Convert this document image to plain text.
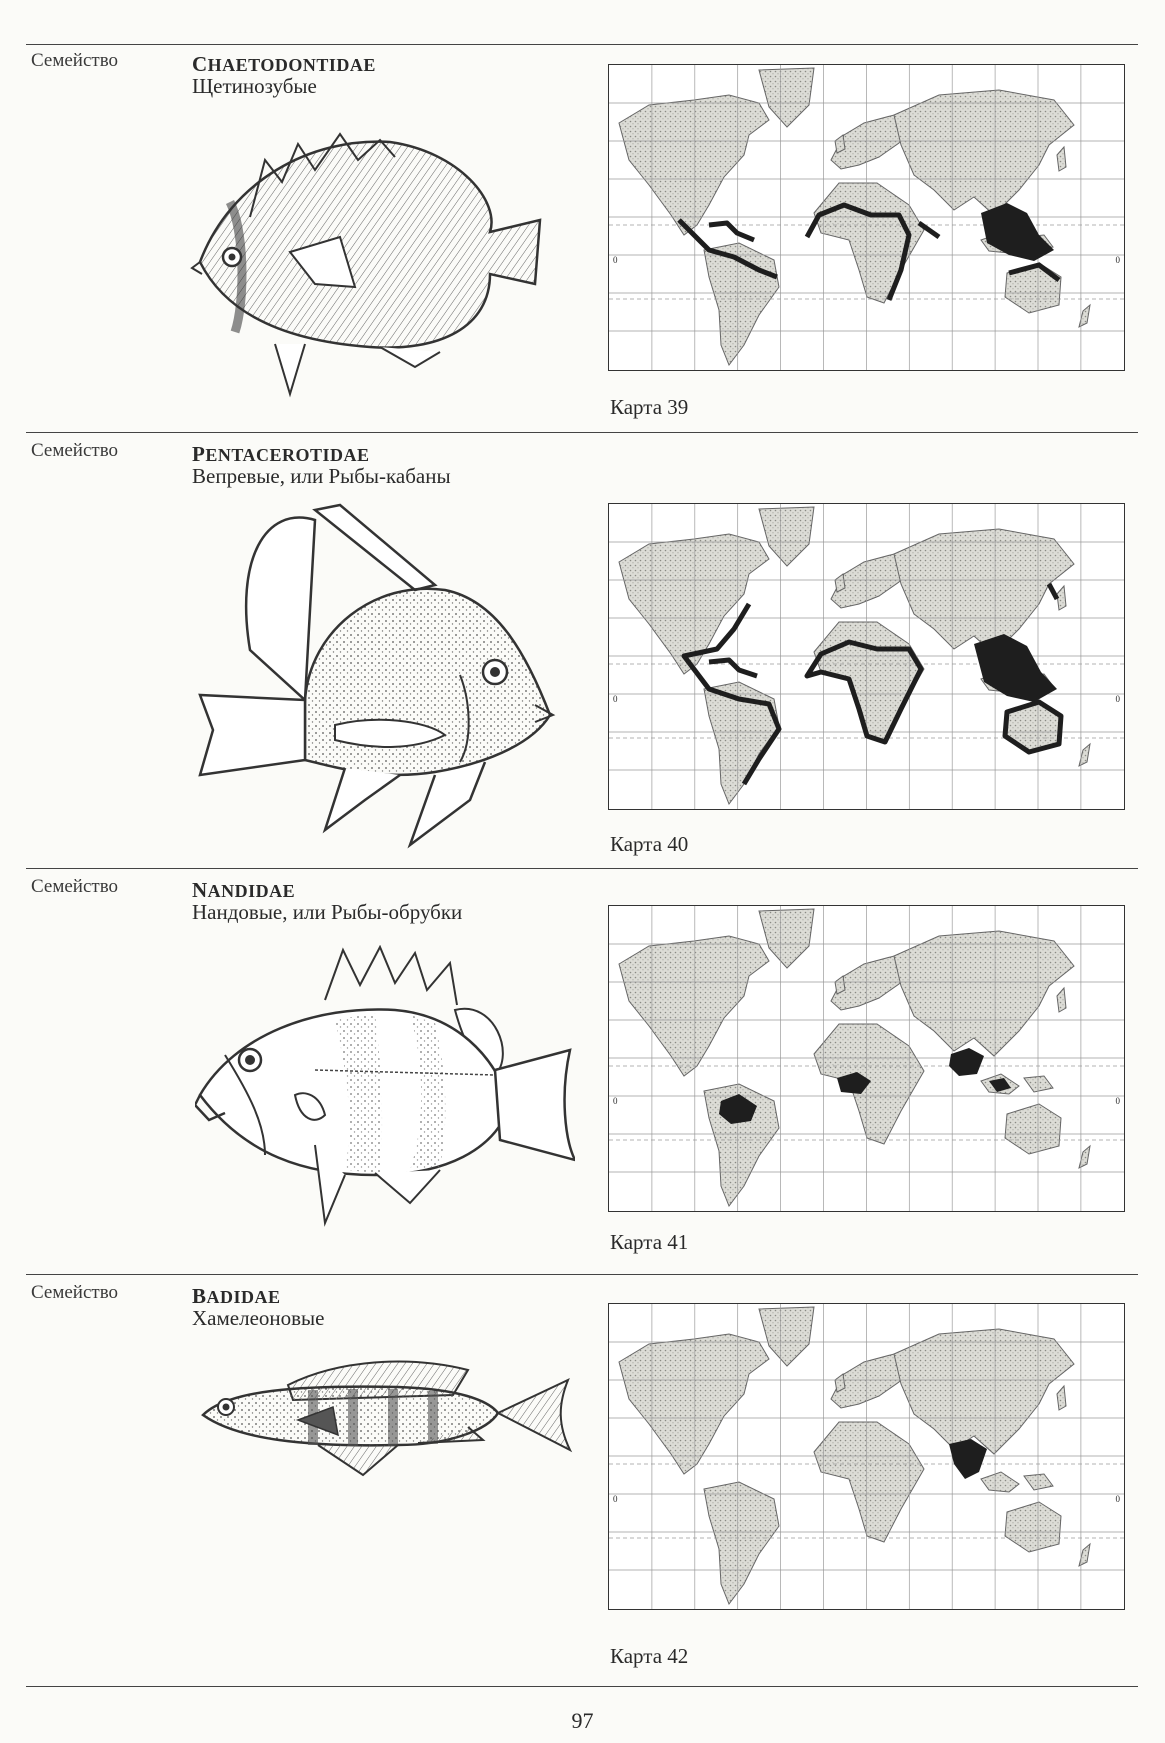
Семейство	CHAETODONTIDAE
Щетинозубые
0	0
Карта 39
Семейство	PENTACEROTIDAE
Вепревые, или Рыбы-кабаны
0	0
Карта 40
Семейство	NANDIDAE
Нандовые, или Рыбы-обрубки
0	0
Карта 41
Семейство	BADIDAE
Хамелеоновые
0	0
Карта 42
97
